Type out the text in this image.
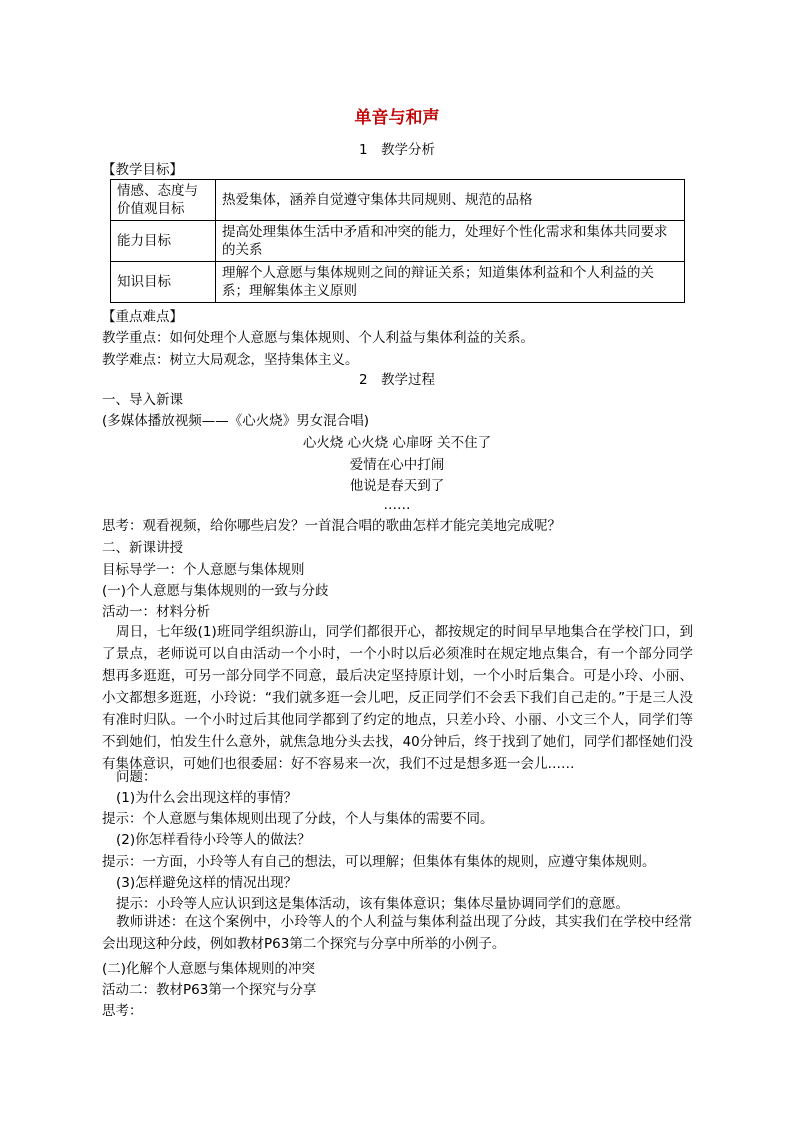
单音与和声
1　教学分析
【教学目标】
情感、态度与价值观目标	热爱集体，涵养自觉遵守集体共同规则、规范的品格
能力目标	提高处理集体生活中矛盾和冲突的能力，处理好个性化需求和集体共同要求的关系
知识目标	理解个人意愿与集体规则之间的辩证关系；知道集体利益和个人利益的关系；理解集体主义原则
【重点难点】
教学重点：如何处理个人意愿与集体规则、个人利益与集体利益的关系。
教学难点：树立大局观念，坚持集体主义。
2　教学过程
一、导入新课
(多媒体播放视频——《心火烧》男女混合唱)
心火烧 心火烧 心扉呀 关不住了
爱情在心中打闹
他说是春天到了
……
思考：观看视频，给你哪些启发？一首混合唱的歌曲怎样才能完美地完成呢？
二、新课讲授
目标导学一：个人意愿与集体规则
(一)个人意愿与集体规则的一致与分歧
活动一：材料分析
周日，七年级(1)班同学组织游山，同学们都很开心，都按规定的时间早早地集合在学校门口，到了景点，老师说可以自由活动一个小时，一个小时以后必须准时在规定地点集合，有一个部分同学想再多逛逛，可另一部分同学不同意，最后决定坚持原计划，一个小时后集合。可是小玲、小丽、小文都想多逛逛，小玲说：“我们就多逛一会儿吧，反正同学们不会丢下我们自己走的。”于是三人没有准时归队。一个小时过后其他同学都到了约定的地点，只差小玲、小丽、小文三个人，同学们等不到她们，怕发生什么意外，就焦急地分头去找，40分钟后，终于找到了她们，同学们都怪她们没有集体意识，可她们也很委屈：好不容易来一次，我们不过是想多逛一会儿……
问题：
(1)为什么会出现这样的事情？
提示：个人意愿与集体规则出现了分歧，个人与集体的需要不同。
(2)你怎样看待小玲等人的做法？
提示：一方面，小玲等人有自己的想法，可以理解；但集体有集体的规则，应遵守集体规则。
(3)怎样避免这样的情况出现？
提示：小玲等人应认识到这是集体活动，该有集体意识；集体尽量协调同学们的意愿。
教师讲述：在这个案例中，小玲等人的个人利益与集体利益出现了分歧，其实我们在学校中经常会出现这种分歧，例如教材P63第二个探究与分享中所举的小例子。
(二)化解个人意愿与集体规则的冲突
活动二：教材P63第一个探究与分享
思考：
